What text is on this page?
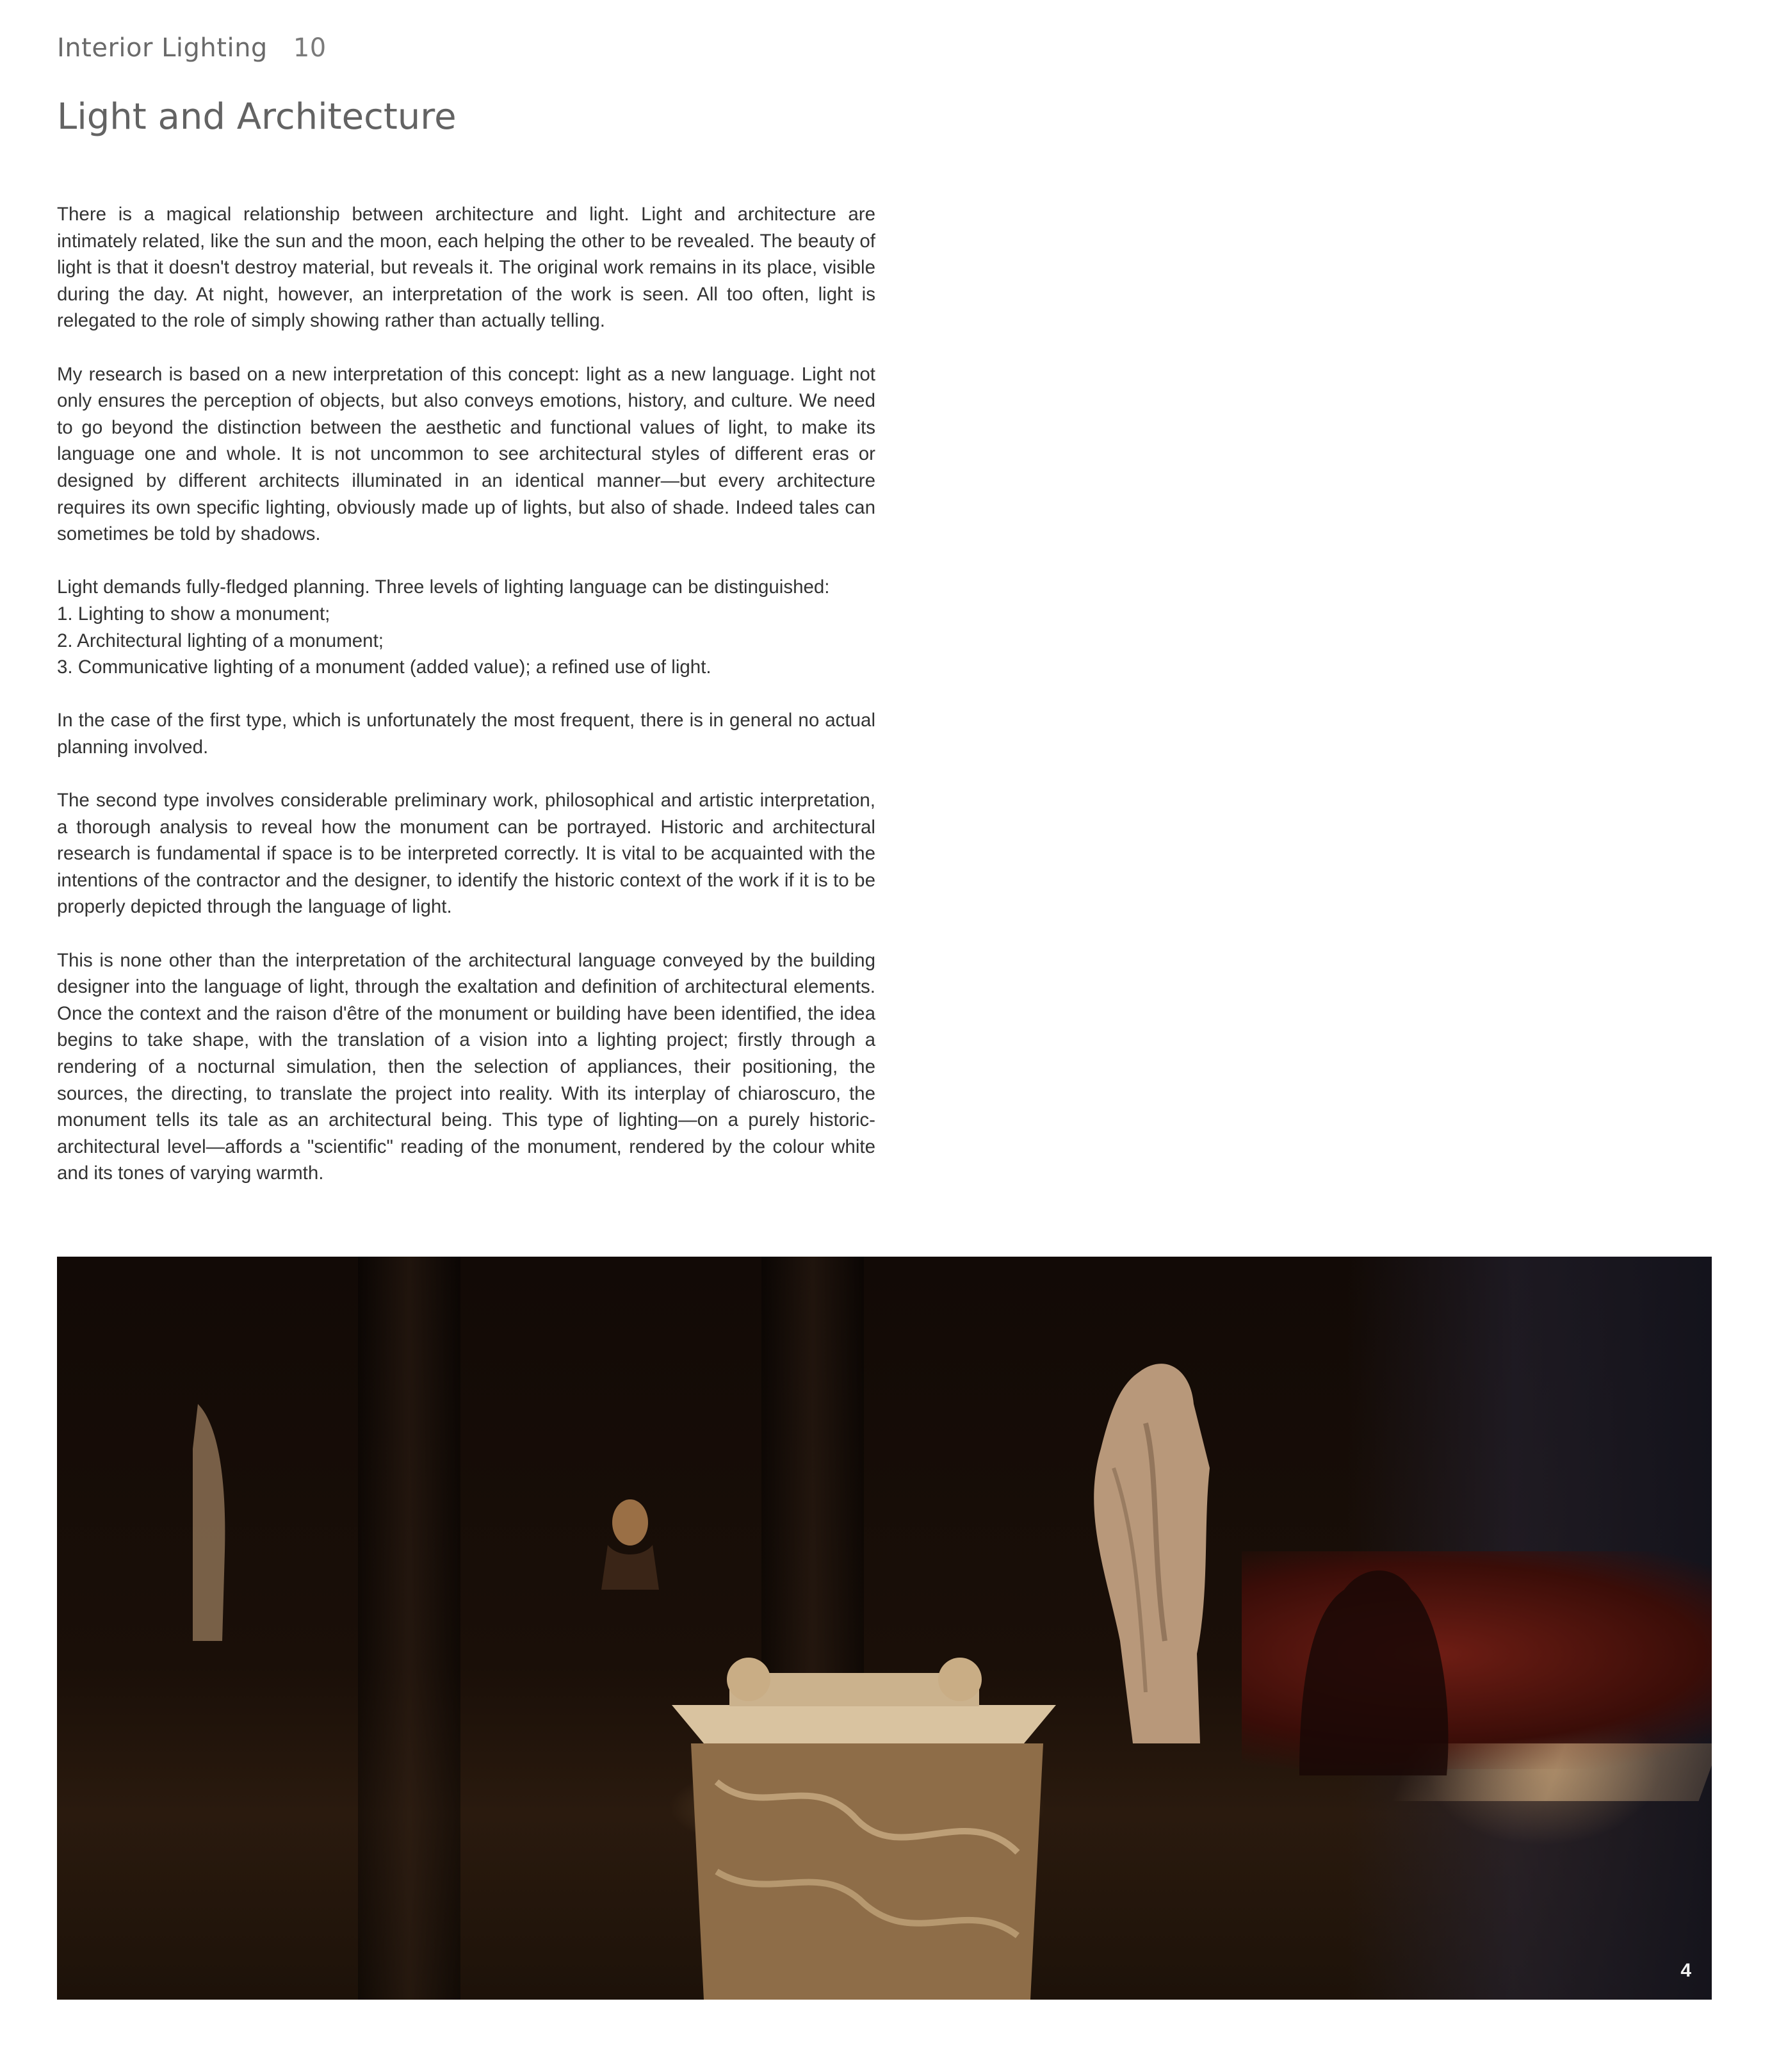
Interior Lighting 10
Light and Architecture

There is a magical relationship between architecture and light. Light and architecture are intimately related, like the sun and the moon, each helping the other to be revealed. The beauty of light is that it doesn't destroy material, but reveals it. The original work remains in its place, visible during the day. At night, however, an interpretation of the work is seen. All too often, light is relegated to the role of simply showing rather than actually telling.

My research is based on a new interpretation of this concept: light as a new language. Light not only ensures the perception of objects, but also conveys emotions, history, and culture. We need to go beyond the distinction between the aesthetic and functional values of light, to make its language one and whole. It is not uncommon to see architectural styles of different eras or designed by different architects illuminated in an identical manner—but every architecture requires its own specific lighting, obviously made up of lights, but also of shade. Indeed tales can sometimes be told by shadows.

Light demands fully-fledged planning. Three levels of lighting language can be distinguished:

1. Lighting to show a monument;
2. Architectural lighting of a monument;
3. Communicative lighting of a monument (added value); a refined use of light.

In the case of the first type, which is unfortunately the most frequent, there is in general no actual planning involved.

The second type involves considerable preliminary work, philosophical and artistic interpretation, a thorough analysis to reveal how the monument can be portrayed. Historic and architectural research is fundamental if space is to be interpreted correctly. It is vital to be acquainted with the intentions of the contractor and the designer, to identify the historic context of the work if it is to be properly depicted through the language of light.

This is none other than the interpretation of the architectural language conveyed by the building designer into the language of light, through the exaltation and definition of architectural elements. Once the context and the raison d'être of the monument or building have been identified, the idea begins to take shape, with the translation of a vision into a lighting project; firstly through a rendering of a nocturnal simulation, then the selection of appliances, their positioning, the sources, the directing, to translate the project into reality. With its interplay of chiaroscuro, the monument tells its tale as an architectural being. This type of lighting—on a purely historic-architectural level—affords a "scientific" reading of the monument, rendered by the colour white and its tones of varying warmth.

4
